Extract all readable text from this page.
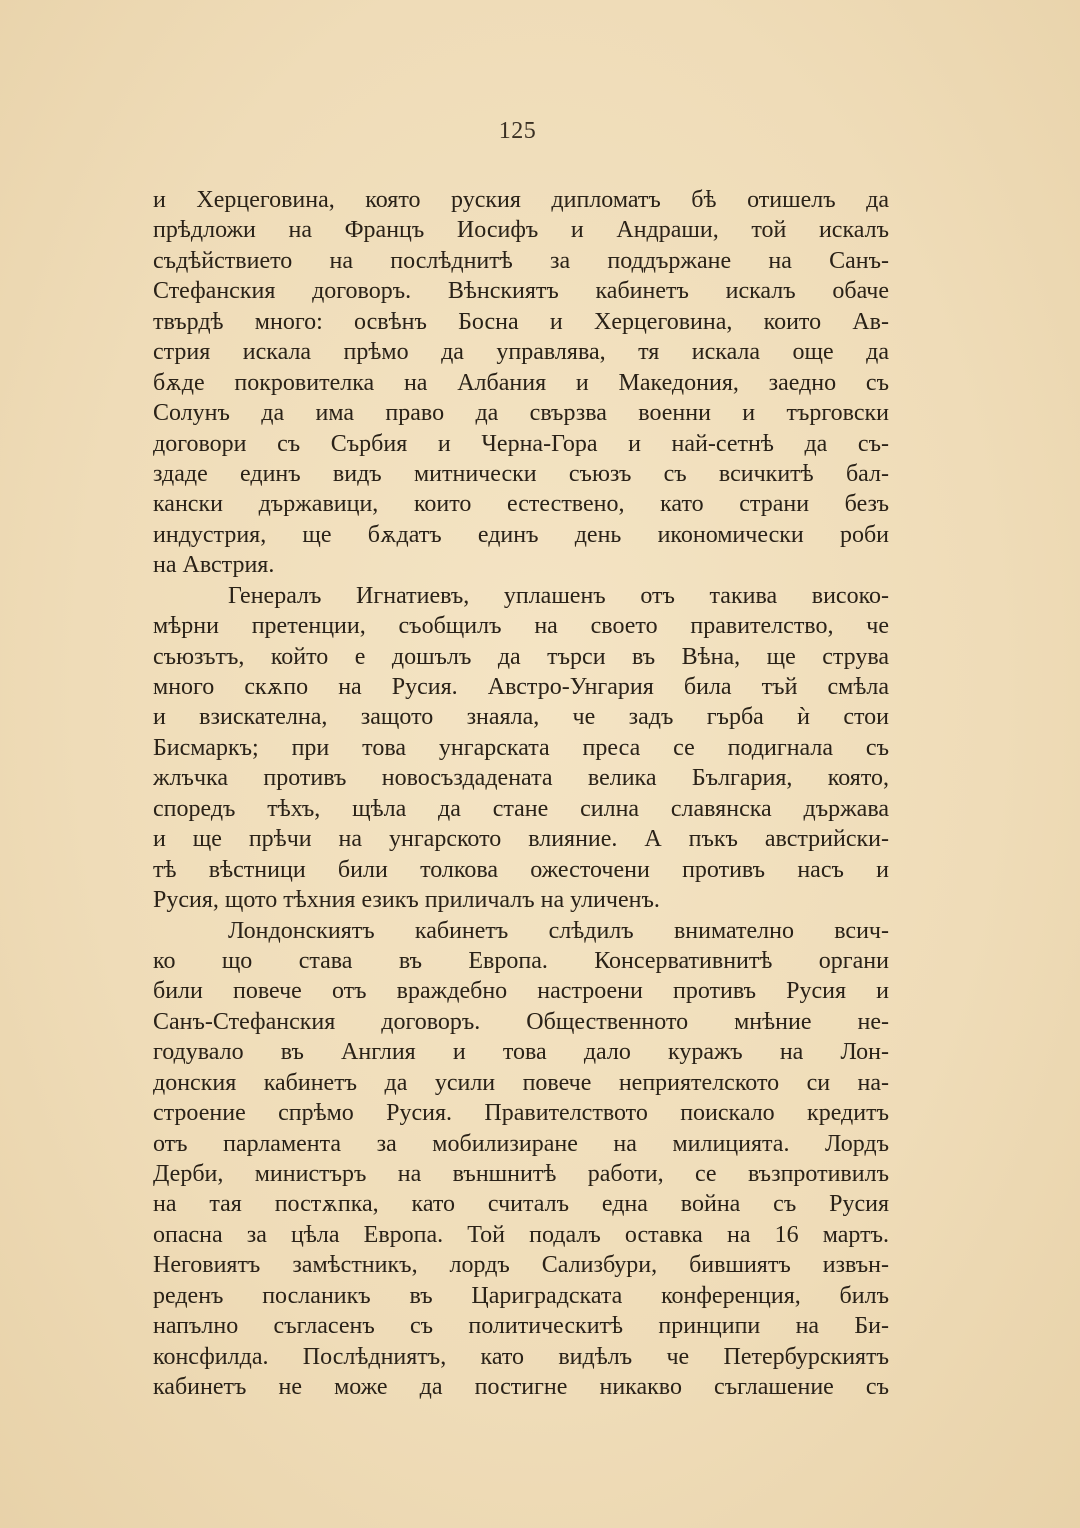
125
и Херцеговина, която руския дипломатъ бѣ отишелъ да
прѣдложи на Францъ Иосифъ и Андраши, той искалъ
съдѣйствието на послѣднитѣ за поддържане на Санъ-
Стефанския договоръ. Вѣнскиятъ кабинетъ искалъ обаче
твърдѣ много: освѣнъ Босна и Херцеговина, които Ав-
стрия искала прѣмо да управлява, тя искала още да
бѫде покровителка на Албания и Македония, заедно съ
Солунъ да има право да свързва военни и търговски
договори съ Сърбия и Черна-Гора и най-сетнѣ да съ-
здаде единъ видъ митнически съюзъ съ всичкитѣ бал-
кански държавици, които естествено, като страни безъ
индустрия, ще бѫдатъ единъ день икономически роби
на Австрия.
Генералъ Игнатиевъ, уплашенъ отъ такива високо-
мѣрни претенции, съобщилъ на своето правителство, че
съюзътъ, който е дошълъ да търси въ Вѣна, ще струва
много скѫпо на Русия. Австро-Унгария била тъй смѣла
и взискателна, защото знаяла, че задъ гърба ѝ стои
Бисмаркъ; при това унгарската преса се подигнала съ
жлъчка противъ новосъздадената велика България, която,
споредъ тѣхъ, щѣла да стане силна славянска държава
и ще прѣчи на унгарското влияние. А пъкъ австрийски-
тѣ вѣстници били толкова ожесточени противъ насъ и
Русия, щото тѣхния езикъ приличалъ на уличенъ.
Лондонскиятъ кабинетъ слѣдилъ внимателно всич-
ко що става въ Европа. Консервативнитѣ органи
били повече отъ враждебно настроени противъ Русия и
Санъ-Стефанския договоръ. Общественното мнѣние не-
годувало въ Англия и това дало куражъ на Лон-
донския кабинетъ да усили повече неприятелското си на-
строение спрѣмо Русия. Правителството поискало кредитъ
отъ парламента за мобилизиране на милицията. Лордъ
Дерби, министъръ на външнитѣ работи, се възпротивилъ
на тая постѫпка, като считалъ една война съ Русия
опасна за цѣла Европа. Той подалъ оставка на 16 мартъ.
Неговиятъ замѣстникъ, лордъ Сализбури, бившиятъ извън-
реденъ посланикъ въ Цариградската конференция, билъ
напълно съгласенъ съ политическитѣ принципи на Би-
консфилда. Послѣдниятъ, като видѣлъ че Петербурскиятъ
кабинетъ не може да постигне никакво съглашение съ
